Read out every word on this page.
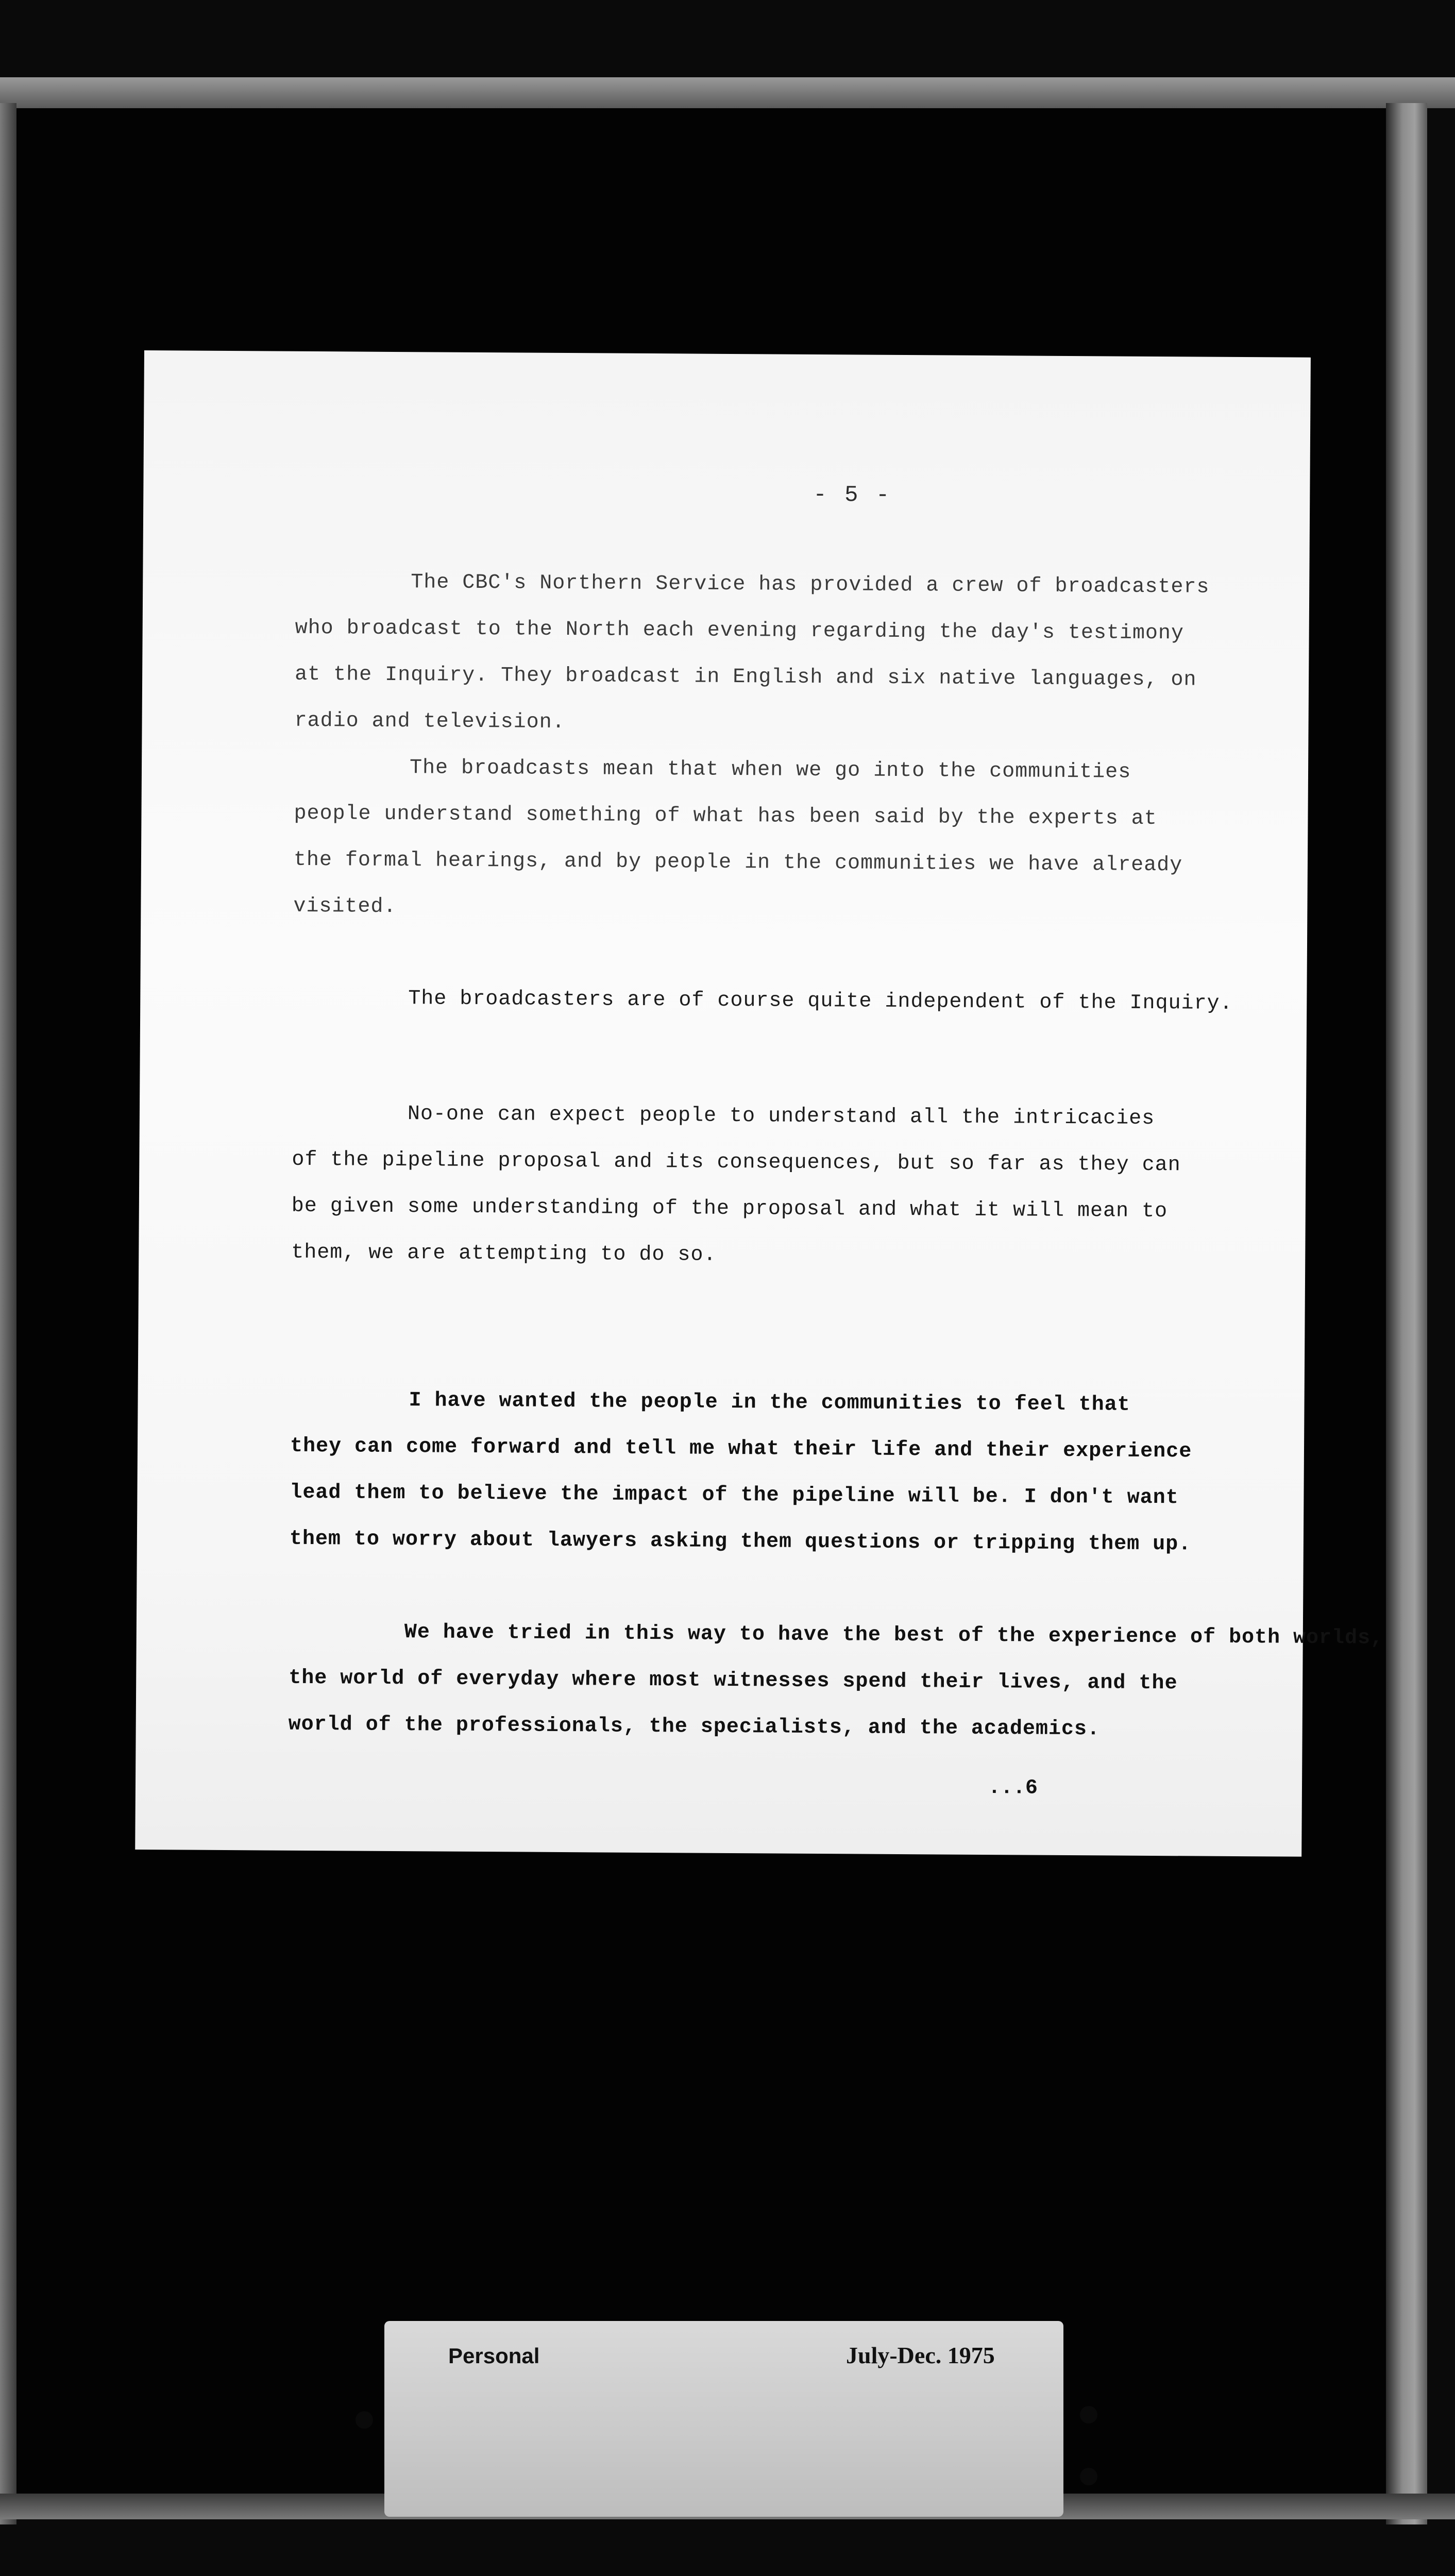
- 5 -
The CBC's Northern Service has provided a crew of broadcasters
who broadcast to the North each evening regarding the day's testimony
at the Inquiry. They broadcast in English and six native languages, on
radio and television.
The broadcasts mean that when we go into the communities
people understand something of what has been said by the experts at
the formal hearings, and by people in the communities we have already
visited.
The broadcasters are of course quite independent of the Inquiry.
No-one can expect people to understand all the intricacies
of the pipeline proposal and its consequences, but so far as they can
be given some understanding of the proposal and what it will mean to
them, we are attempting to do so.
I have wanted the people in the communities to feel that
they can come forward and tell me what their life and their experience
lead them to believe the impact of the pipeline will be. I don't want
them to worry about lawyers asking them questions or tripping them up.
We have tried in this way to have the best of the experience of both worlds,
the world of everyday where most witnesses spend their lives, and the
world of the professionals, the specialists, and the academics.
...6
Personal	July-Dec. 1975
